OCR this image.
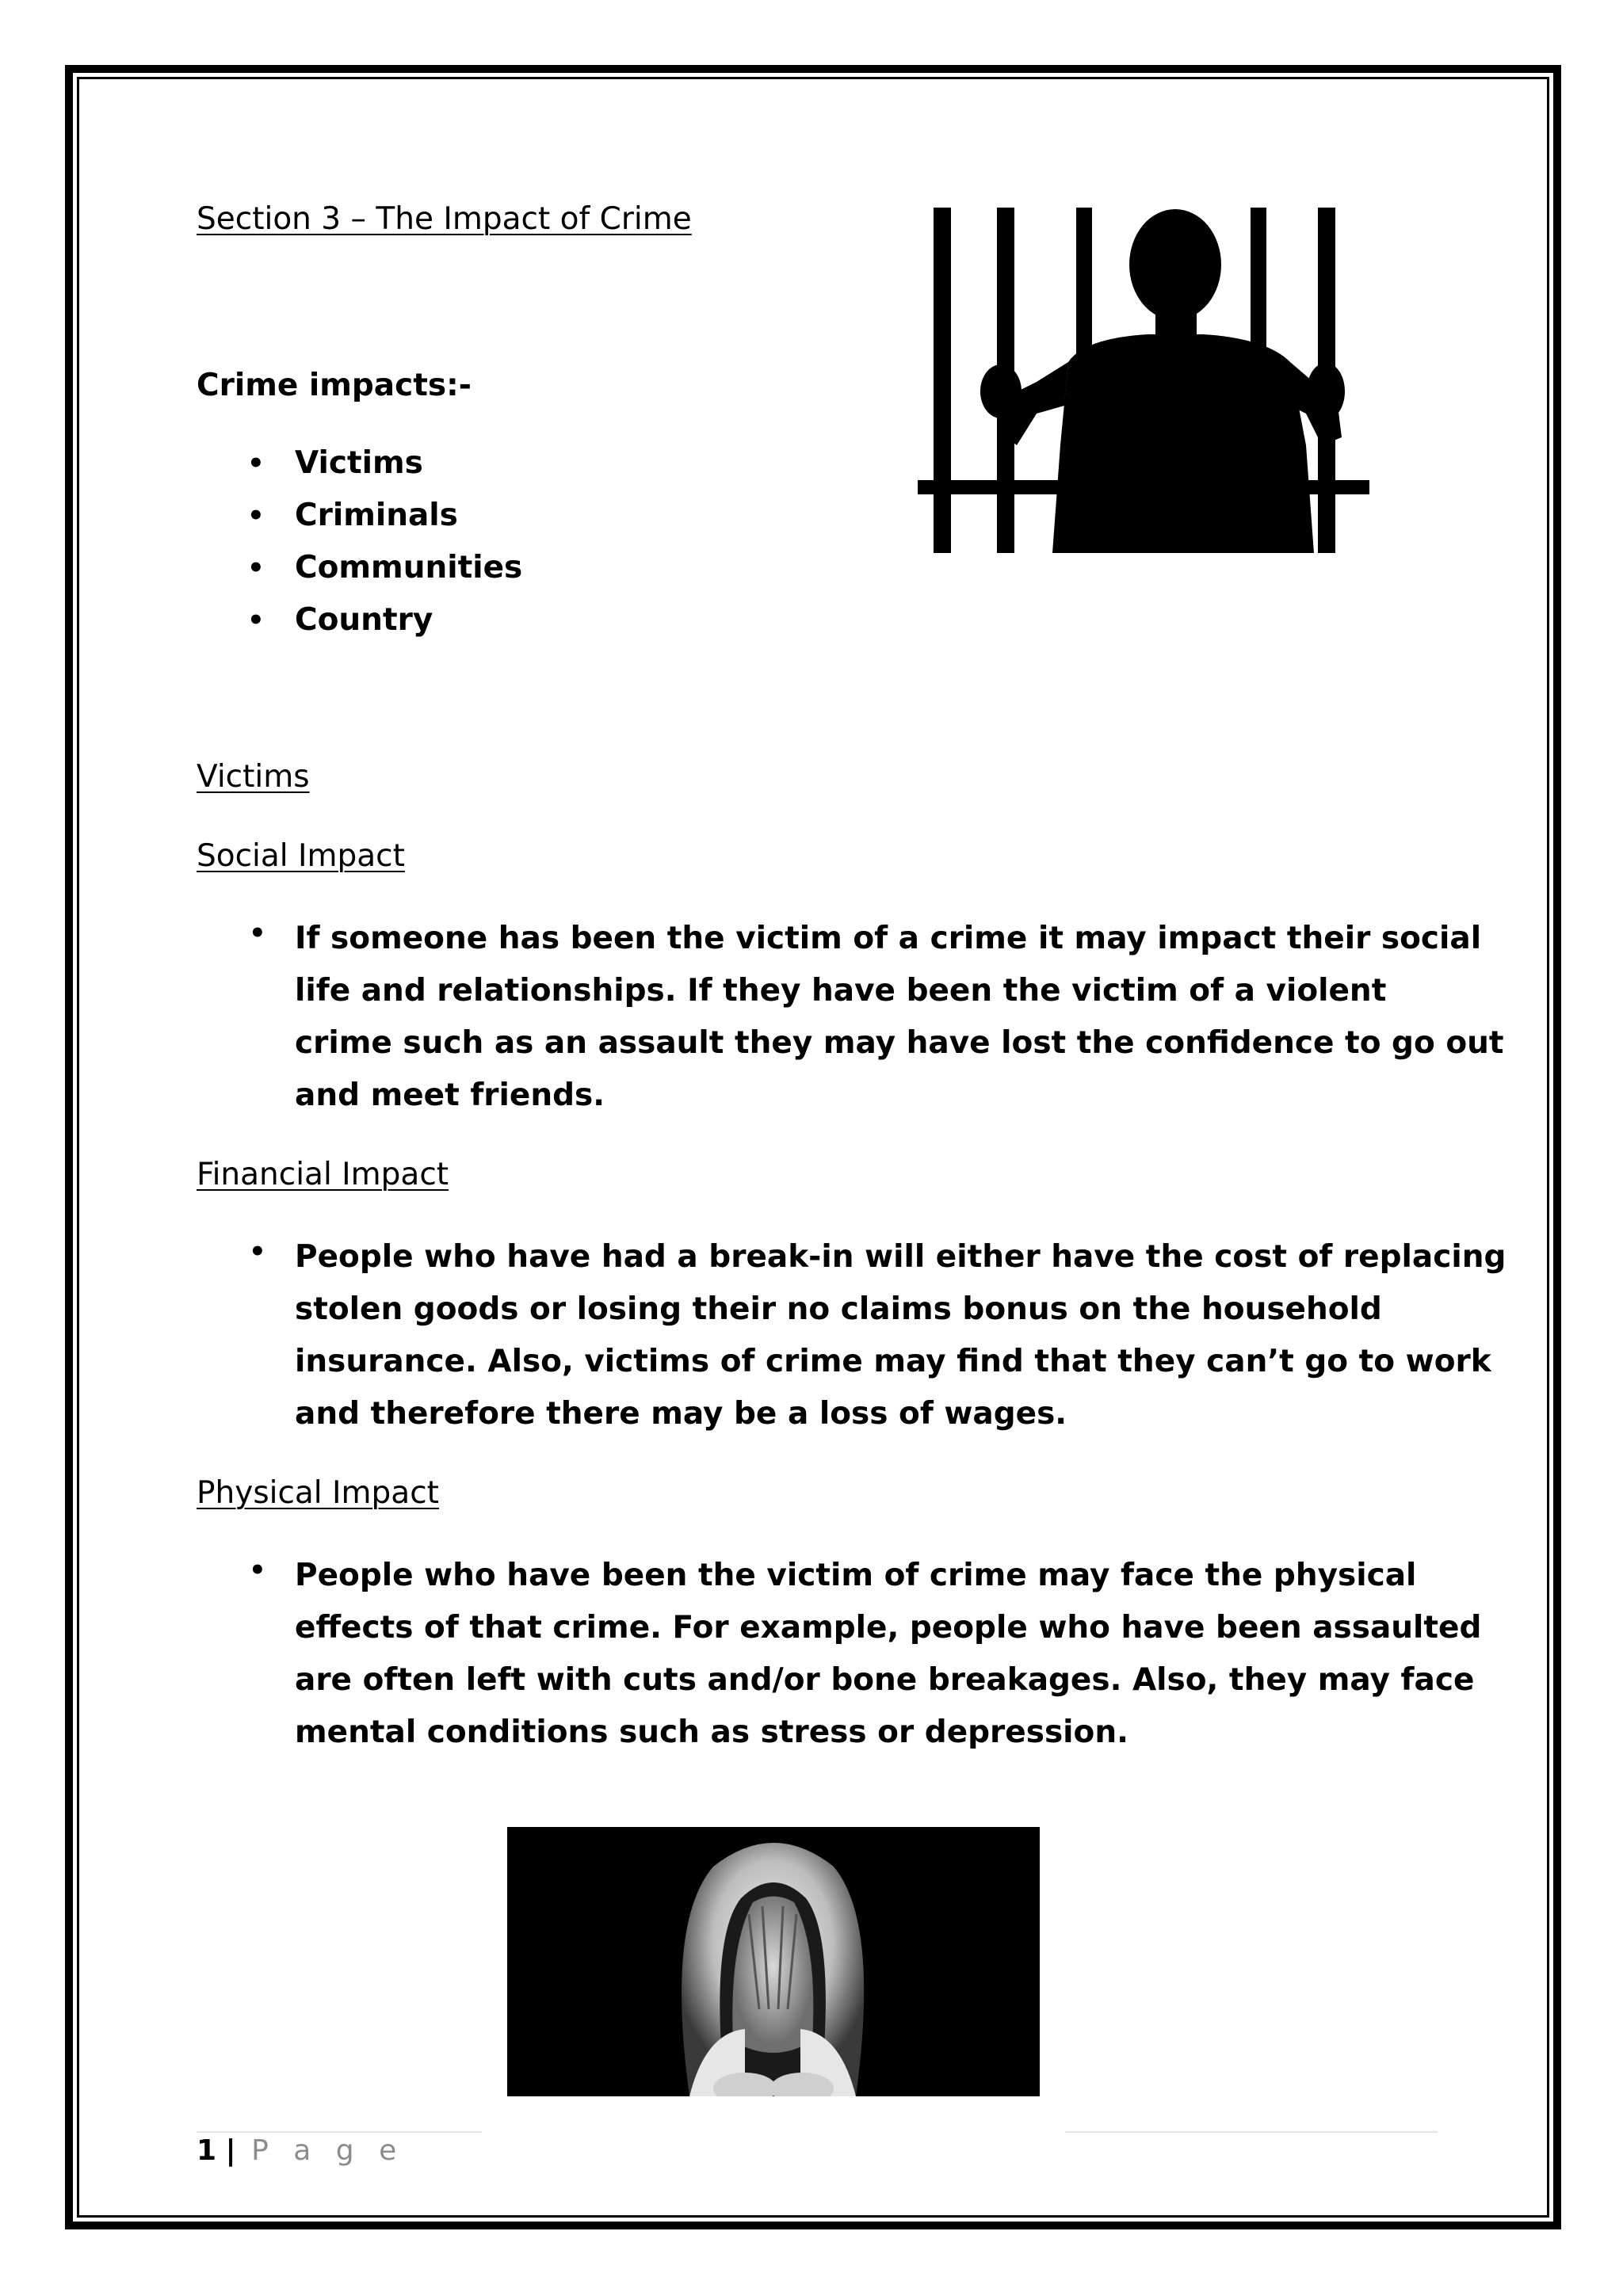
Section 3 – The Impact of Crime
Crime impacts:-
• Victims
• Criminals
• Communities
• Country
Victims
Social Impact
• If someone has been the victim of a crime it may impact their social
life and relationships. If they have been the victim of a violent
crime such as an assault they may have lost the confidence to go out
and meet friends.
Financial Impact
• People who have had a break-in will either have the cost of replacing
stolen goods or losing their no claims bonus on the household
insurance. Also, victims of crime may find that they can’t go to work
and therefore there may be a loss of wages.
Physical Impact
• People who have been the victim of crime may face the physical
effects of that crime. For example, people who have been assaulted
are often left with cuts and/or bone breakages. Also, they may face
mental conditions such as stress or depression.
1 | P a g e
